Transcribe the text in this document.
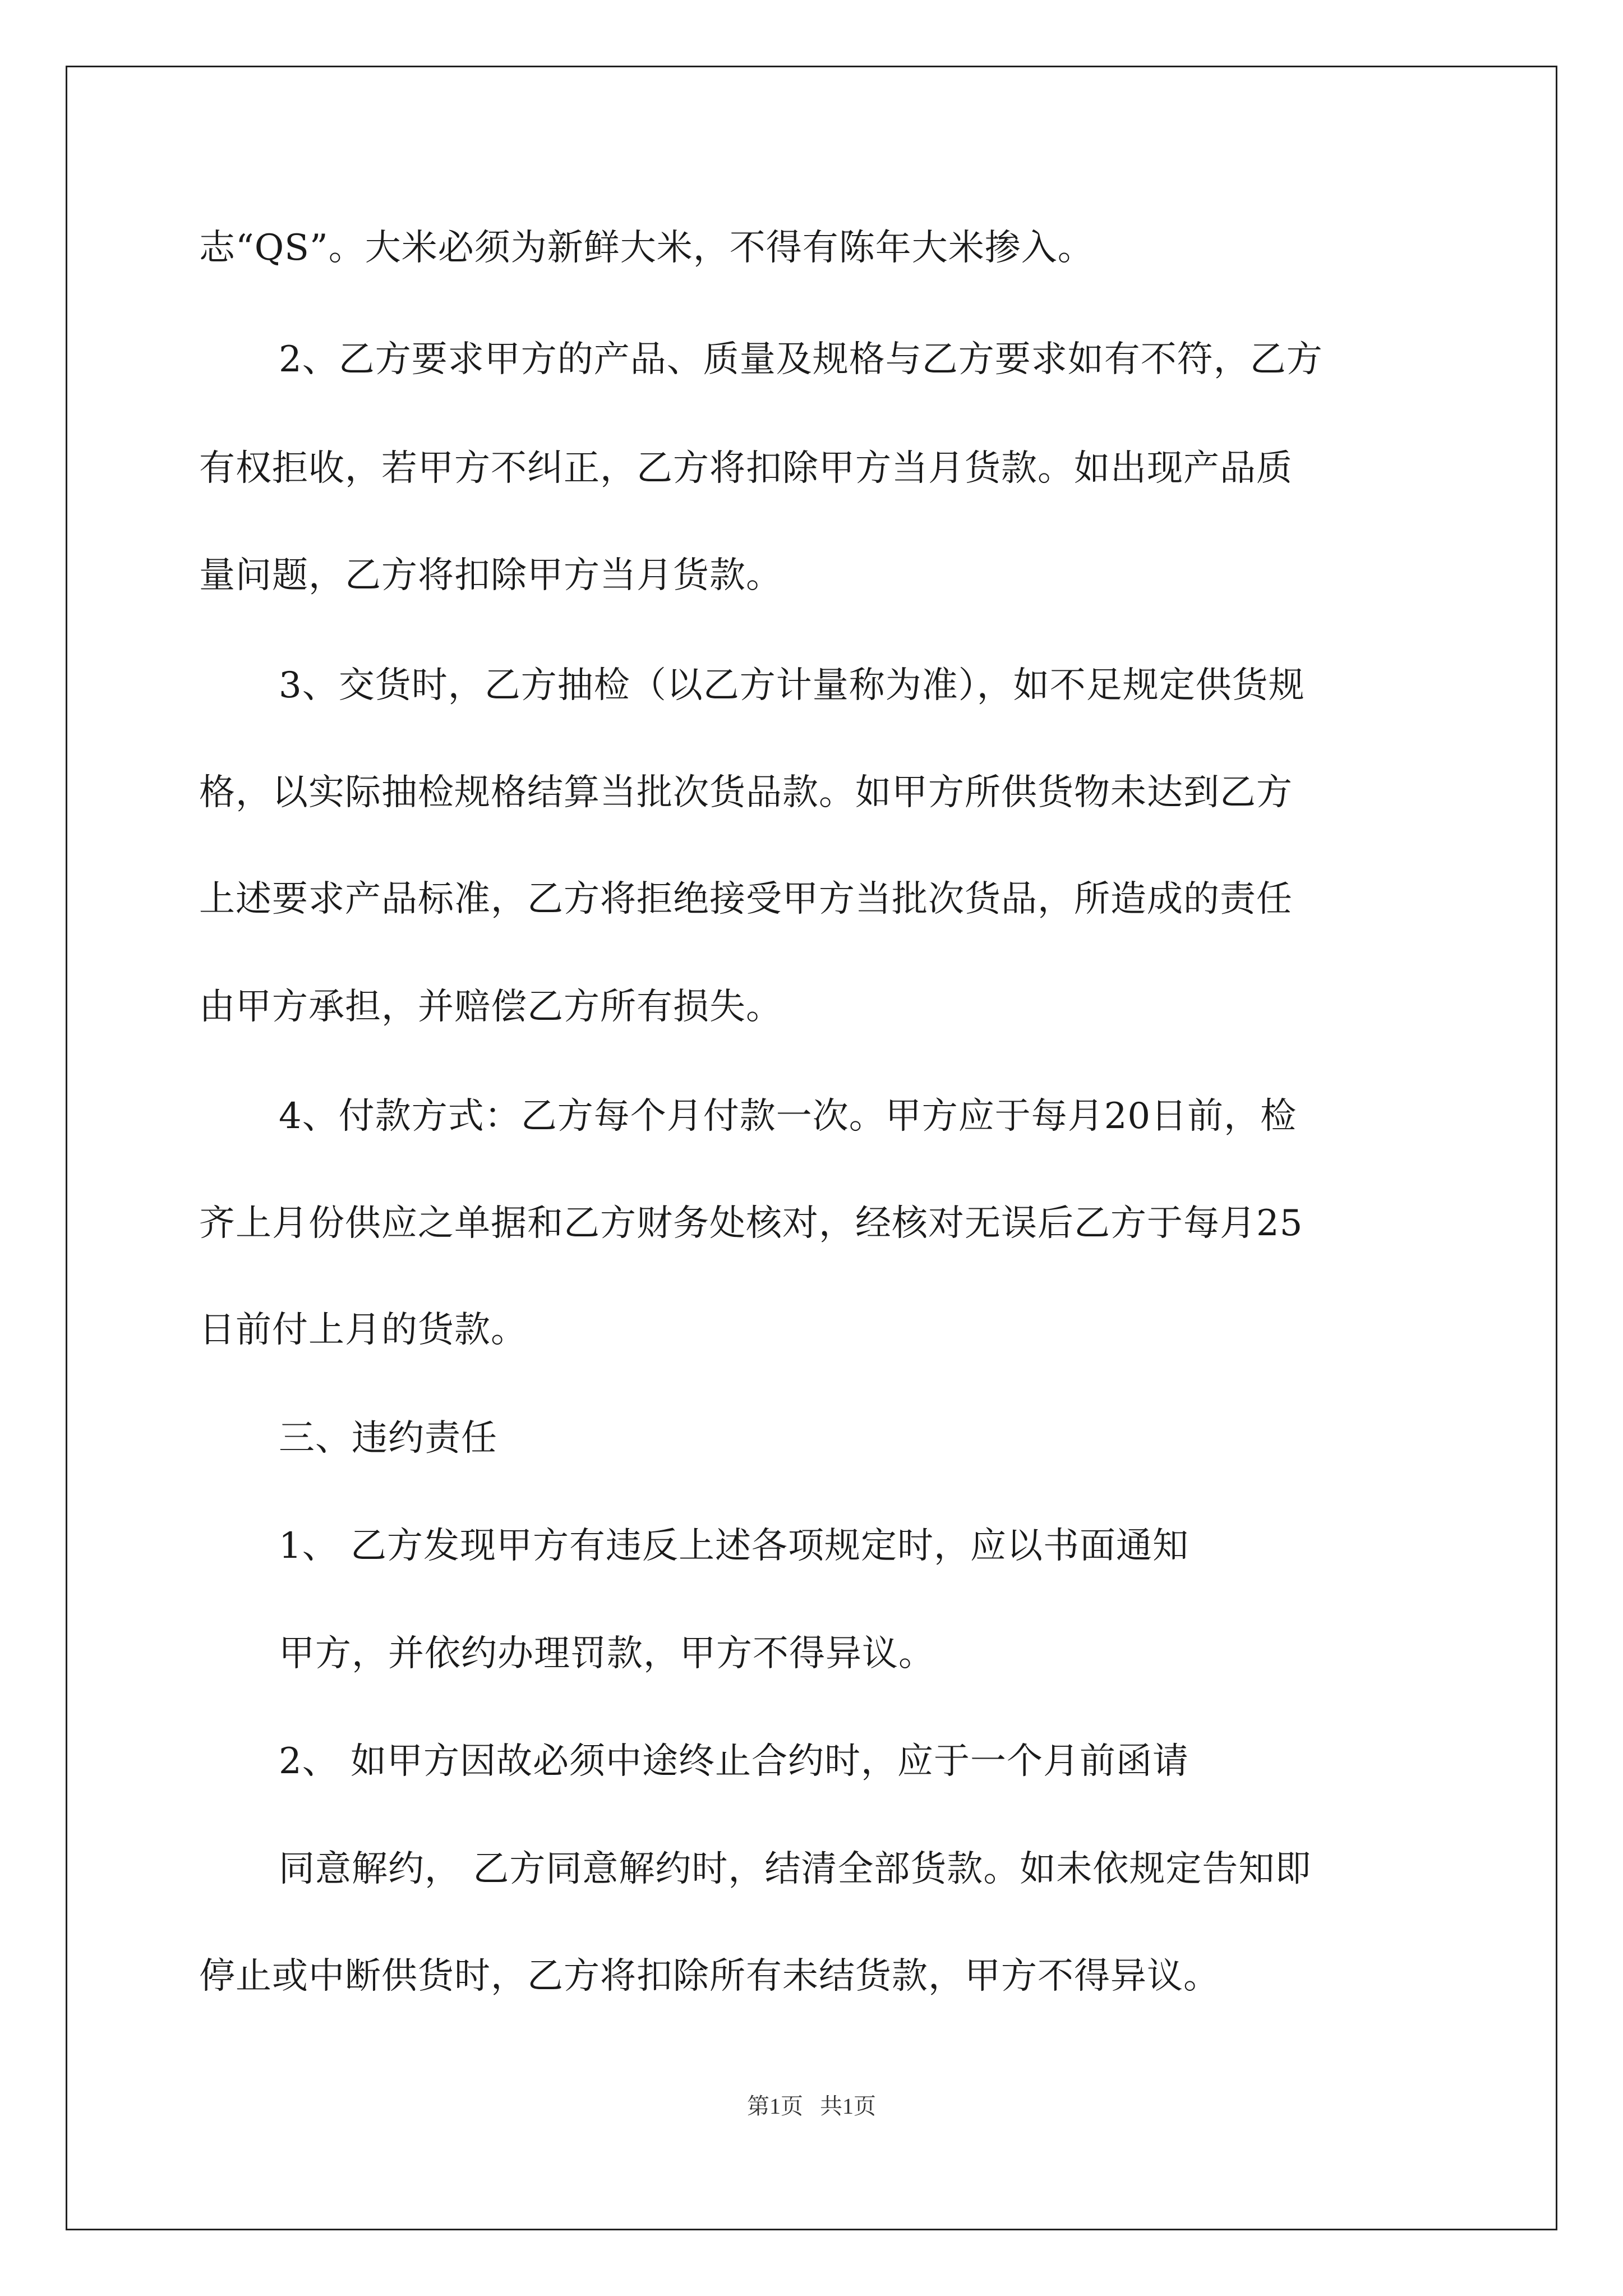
志“QS”。大米必须为新鲜大米，不得有陈年大米掺入。
2、乙方要求甲方的产品、质量及规格与乙方要求如有不符，乙方
有权拒收，若甲方不纠正，乙方将扣除甲方当月货款。如出现产品质
量问题，乙方将扣除甲方当月货款。
3、交货时，乙方抽检（以乙方计量称为准），如不足规定供货规
格，以实际抽检规格结算当批次货品款。如甲方所供货物未达到乙方
上述要求产品标准，乙方将拒绝接受甲方当批次货品，所造成的责任
由甲方承担，并赔偿乙方所有损失。
4、付款方式：乙方每个月付款一次。甲方应于每月20日前，检
齐上月份供应之单据和乙方财务处核对，经核对无误后乙方于每月25
日前付上月的货款。
三、违约责任
1、 乙方发现甲方有违反上述各项规定时，应以书面通知
甲方，并依约办理罚款，甲方不得异议。
2、 如甲方因故必须中途终止合约时，应于一个月前函请
同意解约， 乙方同意解约时，结清全部货款。如未依规定告知即
停止或中断供货时，乙方将扣除所有未结货款，甲方不得异议。
第1页   共1页
